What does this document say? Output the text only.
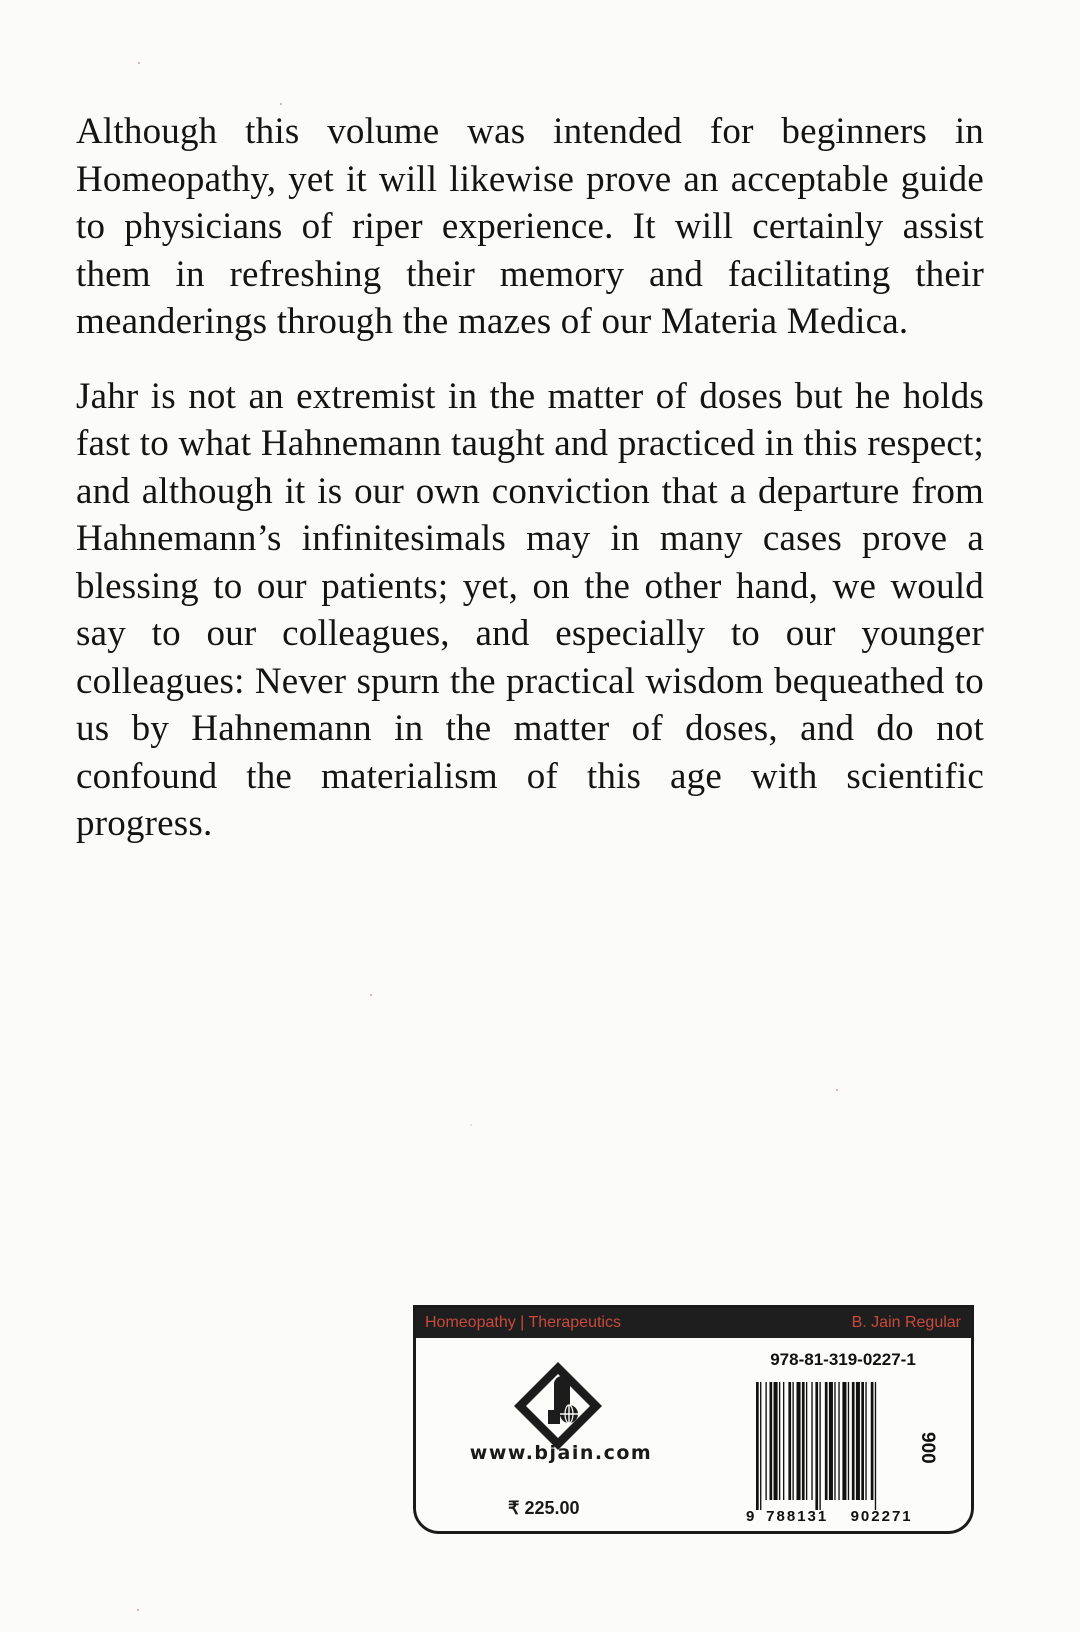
Although this volume was intended for beginners in Homeopathy, yet it will likewise prove an acceptable guide to physicians of riper experience. It will certainly assist them in refreshing their memory and facilitating their meanderings through the mazes of our Materia Medica.

Jahr is not an extremist in the matter of doses but he holds fast to what Hahnemann taught and practiced in this respect; and although it is our own conviction that a departure from Hahnemann’s infinitesimals may in many cases prove a blessing to our patients; yet, on the other hand, we would say to our colleagues, and especially to our younger colleagues: Never spurn the practical wisdom bequeathed to us by Hahnemann in the matter of doses, and do not confound the materialism of this age with scientific progress.

Homeopathy | Therapeutics	B. Jain Regular
www.bjain.com
₹ 225.00
978-81-319-0227-1
900
9 788131 902271
